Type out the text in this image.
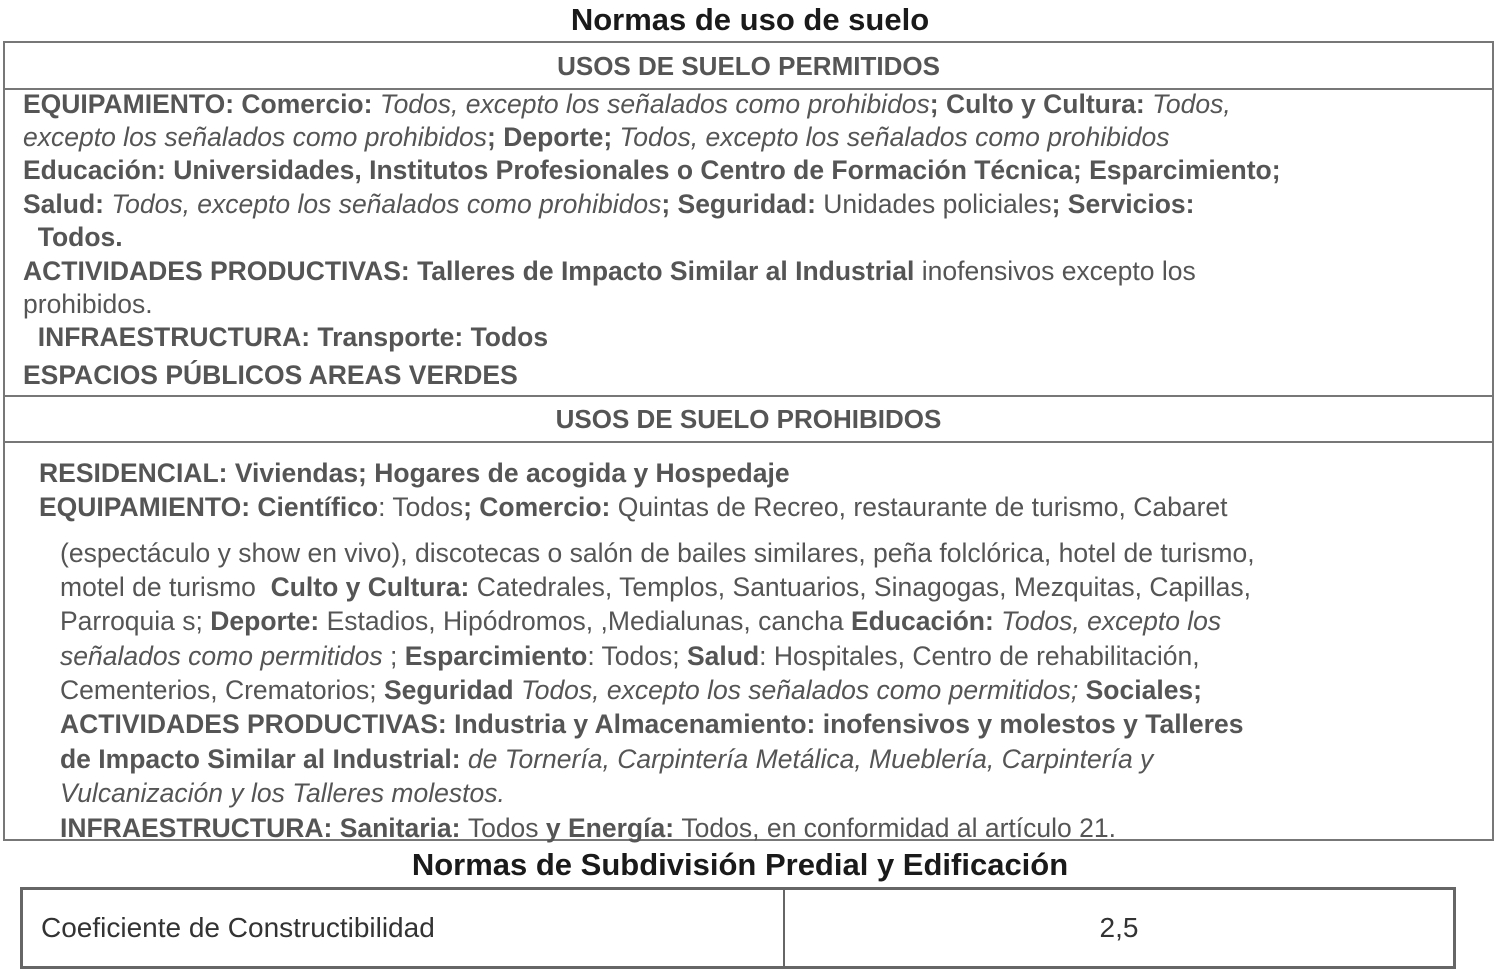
Normas de uso de suelo
USOS DE SUELO PERMITIDOS

EQUIPAMIENTO: Comercio: Todos, excepto los señalados como prohibidos; Culto y Cultura: Todos,

excepto los señalados como prohibidos; Deporte; Todos, excepto los señalados como prohibidos

Educación: Universidades, Institutos Profesionales o Centro de Formación Técnica; Esparcimiento;

Salud: Todos, excepto los señalados como prohibidos; Seguridad: Unidades policiales; Servicios:

Todos.

ACTIVIDADES PRODUCTIVAS: Talleres de Impacto Similar al Industrial inofensivos excepto los

prohibidos.

INFRAESTRUCTURA: Transporte: Todos

ESPACIOS PÚBLICOS AREAS VERDES

USOS DE SUELO PROHIBIDOS

RESIDENCIAL: Viviendas; Hogares de acogida y Hospedaje

EQUIPAMIENTO: Científico: Todos; Comercio: Quintas de Recreo, restaurante de turismo, Cabaret

(espectáculo y show en vivo), discotecas o salón de bailes similares, peña folclórica, hotel de turismo,

motel de turismo  Culto y Cultura: Catedrales, Templos, Santuarios, Sinagogas, Mezquitas, Capillas,

Parroquia s; Deporte: Estadios, Hipódromos, ,Medialunas, cancha Educación: Todos, excepto los

señalados como permitidos ; Esparcimiento: Todos; Salud: Hospitales, Centro de rehabilitación,

Cementerios, Crematorios; Seguridad Todos, excepto los señalados como permitidos; Sociales;

ACTIVIDADES PRODUCTIVAS: Industria y Almacenamiento: inofensivos y molestos y Talleres

de Impacto Similar al Industrial: de Tornería, Carpintería Metálica, Mueblería, Carpintería y

Vulcanización y los Talleres molestos.

INFRAESTRUCTURA: Sanitaria: Todos y Energía: Todos, en conformidad al artículo 21.

Normas de Subdivisión Predial y Edificación
Coeficiente de Constructibilidad	2,5
